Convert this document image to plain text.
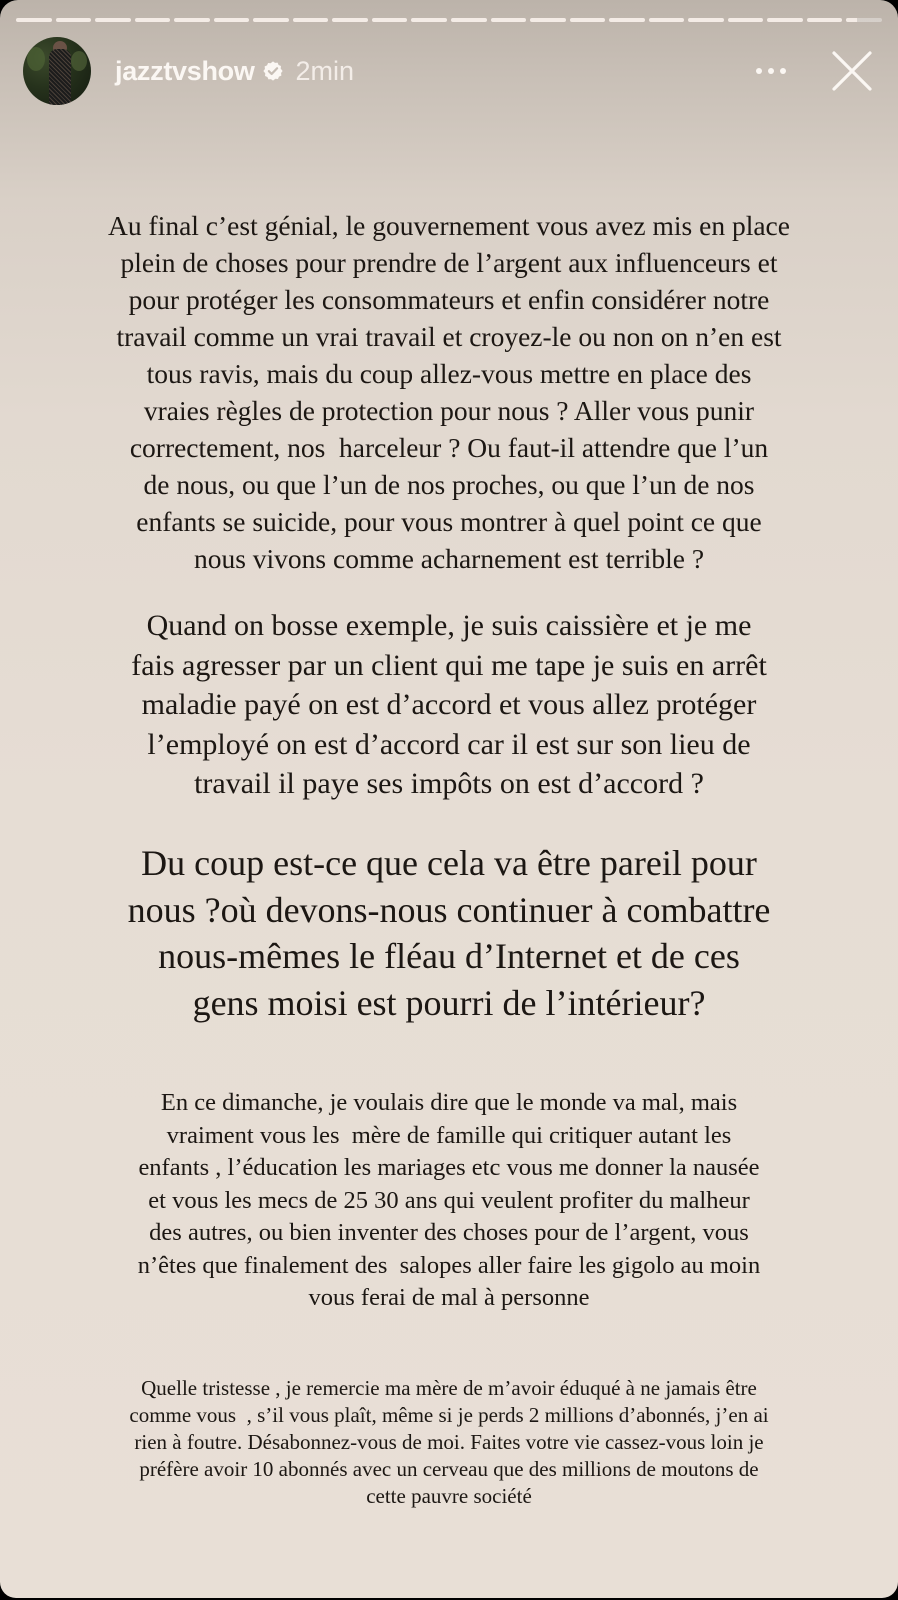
jazztvshow 2min
Au final c’est génial, le gouvernement vous avez mis en place
plein de choses pour prendre de l’argent aux influenceurs et
pour protéger les consommateurs et enfin considérer notre
travail comme un vrai travail et croyez-le ou non on n’en est
tous ravis, mais du coup allez-vous mettre en place des
vraies règles de protection pour nous ? Aller vous punir
correctement, nos  harceleur ? Ou faut-il attendre que l’un
de nous, ou que l’un de nos proches, ou que l’un de nos
enfants se suicide, pour vous montrer à quel point ce que
nous vivons comme acharnement est terrible ?
Quand on bosse exemple, je suis caissière et je me
fais agresser par un client qui me tape je suis en arrêt
maladie payé on est d’accord et vous allez protéger
l’employé on est d’accord car il est sur son lieu de
travail il paye ses impôts on est d’accord ?
Du coup est-ce que cela va être pareil pour
nous ?où devons-nous continuer à combattre
nous-mêmes le fléau d’Internet et de ces
gens moisi est pourri de l’intérieur?
En ce dimanche, je voulais dire que le monde va mal, mais
vraiment vous les  mère de famille qui critiquer autant les
enfants , l’éducation les mariages etc vous me donner la nausée
et vous les mecs de 25 30 ans qui veulent profiter du malheur
des autres, ou bien inventer des choses pour de l’argent, vous
n’êtes que finalement des  salopes aller faire les gigolo au moin
vous ferai de mal à personne
Quelle tristesse , je remercie ma mère de m’avoir éduqué à ne jamais être
comme vous  , s’il vous plaît, même si je perds 2 millions d’abonnés, j’en ai
rien à foutre. Désabonnez-vous de moi. Faites votre vie cassez-vous loin je
préfère avoir 10 abonnés avec un cerveau que des millions de moutons de
cette pauvre société
